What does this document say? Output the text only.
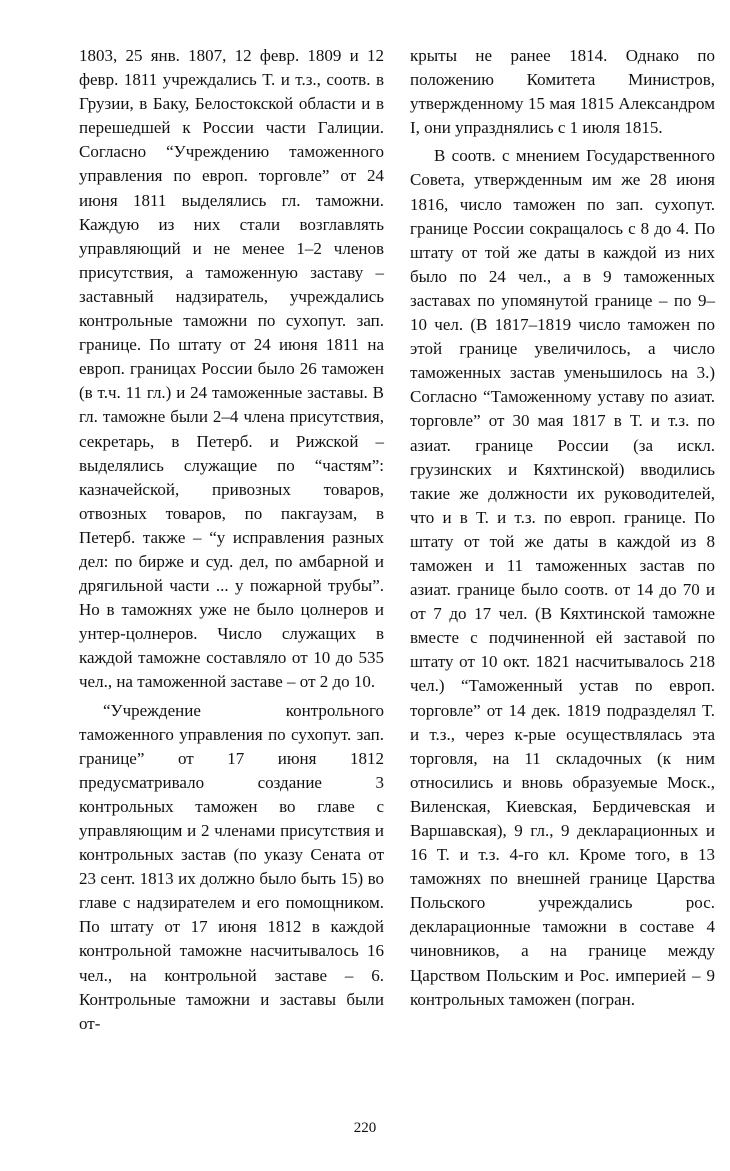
1803, 25 янв. 1807, 12 февр. 1809 и 12 февр. 1811 учреждались Т. и т.з., соотв. в Грузии, в Баку, Белостокской области и в перешедшей к России части Галиции. Согласно “Учреждению таможенного управления по европ. торговле” от 24 июня 1811 выделялись гл. таможни. Каждую из них стали возглавлять управляющий и не менее 1–2 членов присутствия, а таможенную заставу – заставный надзиратель, учреждались контрольные таможни по сухопут. зап. границе. По штату от 24 июня 1811 на европ. границах России было 26 таможен (в т.ч. 11 гл.) и 24 таможенные заставы. В гл. таможне были 2–4 члена присутствия, секретарь, в Петерб. и Рижской – выделялись служащие по “частям”: казначейской, привозных товаров, отвозных товаров, по пакгаузам, в Петерб. также – “у исправления разных дел: по бирже и суд. дел, по амбарной и дрягильной части ... у пожарной трубы”. Но в таможнях уже не было цолнеров и унтер-цолнеров. Число служащих в каждой таможне составляло от 10 до 535 чел., на таможенной заставе – от 2 до 10.

“Учреждение контрольного таможенного управления по сухопут. зап. границе” от 17 июня 1812 предусматривало создание 3 контрольных таможен во главе с управляющим и 2 членами присутствия и контрольных застав (по указу Сената от 23 сент. 1813 их должно было быть 15) во главе с надзирателем и его помощником. По штату от 17 июня 1812 в каждой контрольной таможне насчитывалось 16 чел., на контрольной заставе – 6. Контрольные таможни и заставы были от-

крыты не ранее 1814. Однако по положению Комитета Министров, утвержденному 15 мая 1815 Александром I, они упразднялись с 1 июля 1815.

В соотв. с мнением Государственного Совета, утвержденным им же 28 июня 1816, число таможен по зап. сухопут. границе России сокращалось с 8 до 4. По штату от той же даты в каждой из них было по 24 чел., а в 9 таможенных заставах по упомянутой границе – по 9–10 чел. (В 1817–1819 число таможен по этой границе увеличилось, а число таможенных застав уменьшилось на 3.) Согласно “Таможенному уставу по азиат. торговле” от 30 мая 1817 в Т. и т.з. по азиат. границе России (за искл. грузинских и Кяхтинской) вводились такие же должности их руководителей, что и в Т. и т.з. по европ. границе. По штату от той же даты в каждой из 8 таможен и 11 таможенных застав по азиат. границе было соотв. от 14 до 70 и от 7 до 17 чел. (В Кяхтинской таможне вместе с подчиненной ей заставой по штату от 10 окт. 1821 насчитывалось 218 чел.) “Таможенный устав по европ. торговле” от 14 дек. 1819 подразделял Т. и т.з., через к-рые осуществлялась эта торговля, на 11 складочных (к ним относились и вновь образуемые Моск., Виленская, Киевская, Бердичевская и Варшавская), 9 гл., 9 декларационных и 16 Т. и т.з. 4-го кл. Кроме того, в 13 таможнях по внешней границе Царства Польского учреждались рос. декларационные таможни в составе 4 чиновников, а на границе между Царством Польским и Рос. империей – 9 контрольных таможен (погран.

220
